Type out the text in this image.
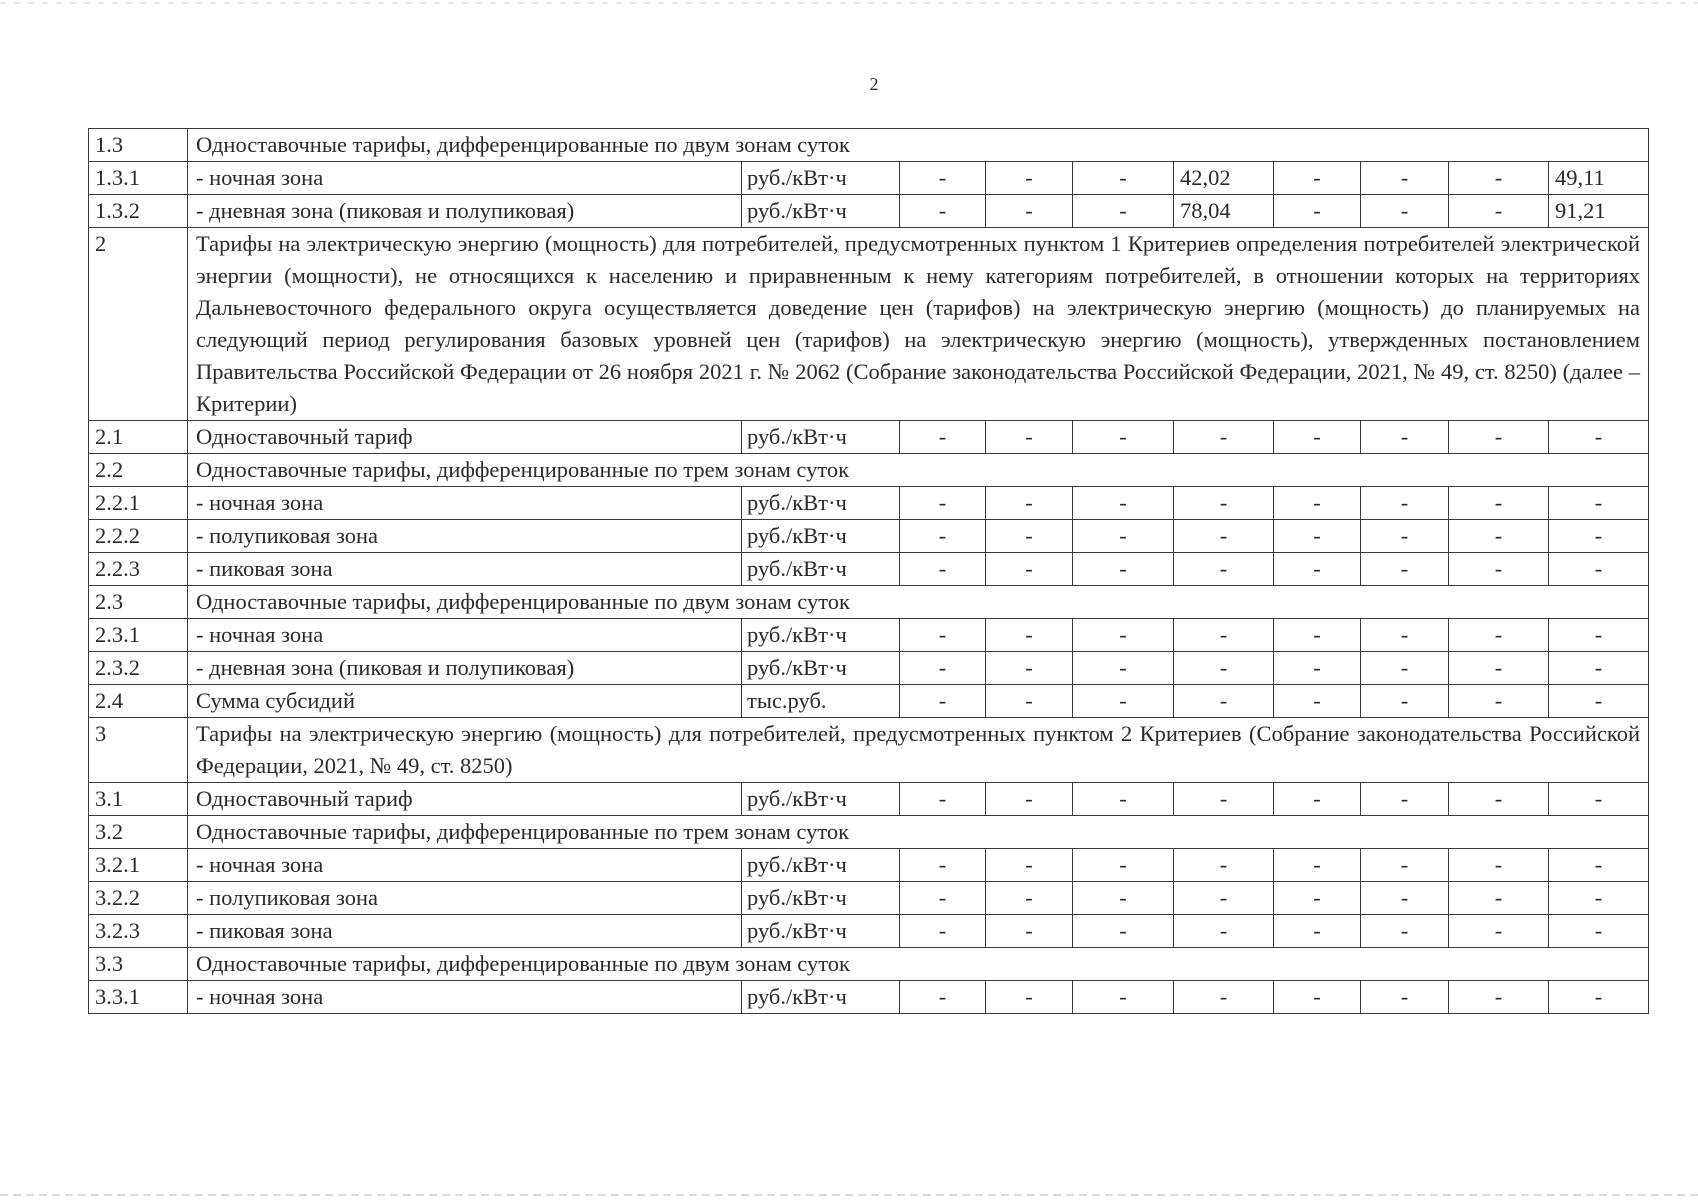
2
1.3	Одноставочные тарифы, дифференцированные по двум зонам суток									
1.3.1	- ночная зона	руб./кВт·ч	-	-	-	42,02	-	-	-	49,11
1.3.2	- дневная зона (пиковая и полупиковая)	руб./кВт·ч	-	-	-	78,04	-	-	-	91,21
2	Тарифы на электрическую энергию (мощность) для потребителей, предусмотренных пунктом 1 Критериев определения потребителей электрической энергии (мощности), не относящихся к населению и приравненным к нему категориям потребителей, в отношении которых на территориях Дальневосточного федерального округа осуществляется доведение цен (тарифов) на электрическую энергию (мощность) до планируемых на следующий период регулирования базовых уровней цен (тарифов) на электрическую энергию (мощность), утвержденных постановлением Правительства Российской Федерации от 26 ноября 2021 г. № 2062 (Собрание законодательства Российской Федерации, 2021, № 49, ст. 8250) (далее – Критерии)									
2.1	Одноставочный тариф	руб./кВт·ч	-	-	-	-	-	-	-	-
2.2	Одноставочные тарифы, дифференцированные по трем зонам суток									
2.2.1	- ночная зона	руб./кВт·ч	-	-	-	-	-	-	-	-
2.2.2	- полупиковая зона	руб./кВт·ч	-	-	-	-	-	-	-	-
2.2.3	- пиковая зона	руб./кВт·ч	-	-	-	-	-	-	-	-
2.3	Одноставочные тарифы, дифференцированные по двум зонам суток									
2.3.1	- ночная зона	руб./кВт·ч	-	-	-	-	-	-	-	-
2.3.2	- дневная зона (пиковая и полупиковая)	руб./кВт·ч	-	-	-	-	-	-	-	-
2.4	Сумма субсидий	тыс.руб.	-	-	-	-	-	-	-	-
3	Тарифы на электрическую энергию (мощность) для потребителей, предусмотренных пунктом 2 Критериев (Собрание законодательства Российской Федерации, 2021, № 49, ст. 8250)									
3.1	Одноставочный тариф	руб./кВт·ч	-	-	-	-	-	-	-	-
3.2	Одноставочные тарифы, дифференцированные по трем зонам суток									
3.2.1	- ночная зона	руб./кВт·ч	-	-	-	-	-	-	-	-
3.2.2	- полупиковая зона	руб./кВт·ч	-	-	-	-	-	-	-	-
3.2.3	- пиковая зона	руб./кВт·ч	-	-	-	-	-	-	-	-
3.3	Одноставочные тарифы, дифференцированные по двум зонам суток									
3.3.1	- ночная зона	руб./кВт·ч	-	-	-	-	-	-	-	-
